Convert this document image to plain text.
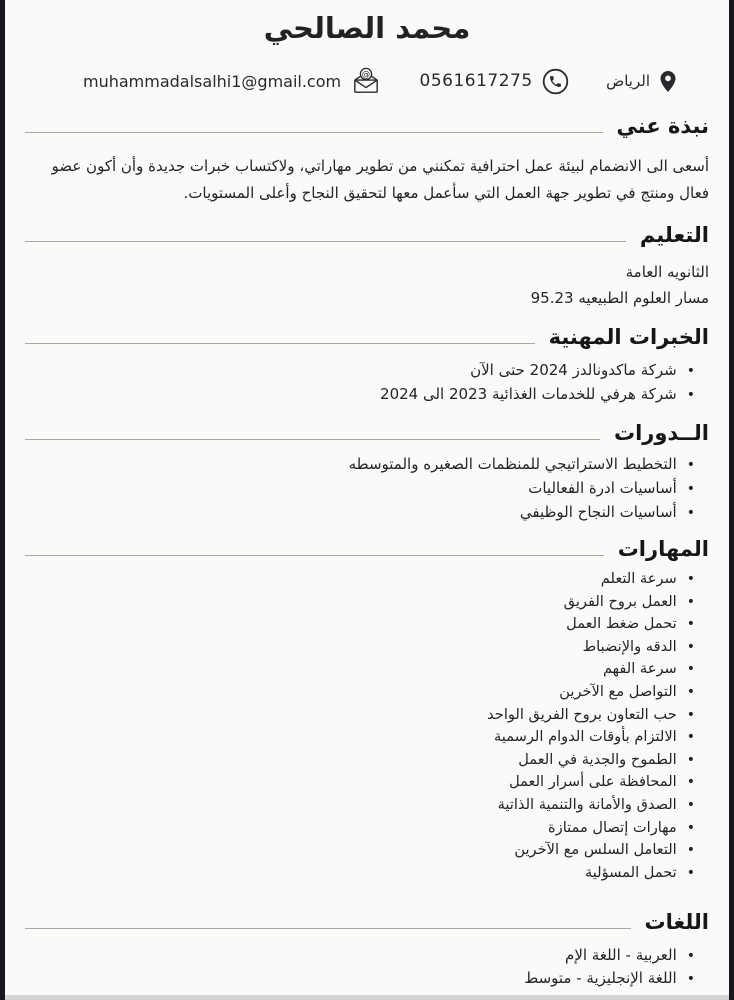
محمد الصالحي
الرياض
0561617275
@
muhammadalsalhi1@gmail.com
نبذة عني

أسعى الى الانضمام لبيئة عمل احترافية تمكنني من تطوير مهاراتي، ولاكتساب خبرات جديدة وأن أكون عضو فعال ومنتج في تطوير جهة العمل التي سأعمل معها لتحقيق النجاح وأعلى المستويات.

التعليم
الثانويه العامة
مسار العلوم الطبيعيه 95.23
الخبرات المهنية
• شركة ماكدونالدز 2024 حتى الآن
• شركة هرفي للخدمات الغذائية 2023 الى 2024
الــدورات
• التخطيط الاستراتيجي للمنظمات الصغيره والمتوسطه
• أساسيات ادرة الفعاليات
• أساسيات النجاح الوظيفي
المهارات
• سرعة التعلم
• العمل بروح الفريق
• تحمل ضغط العمل
• الدقه والإنضباط
• سرعة الفهم
• التواصل مع الآخرين
• حب التعاون بروح الفريق الواحد
• الالتزام بأوقات الدوام الرسمية
• الطموح والجدية في العمل
• المحافظة على أسرار العمل
• الصدق والأمانة والتنمية الذاتية
• مهارات إتصال ممتازة
• التعامل السلس مع الآخرين
• تحمل المسؤلية
اللغات
• العربية - اللغة الإم
• اللغة الإنجليزية - متوسط
